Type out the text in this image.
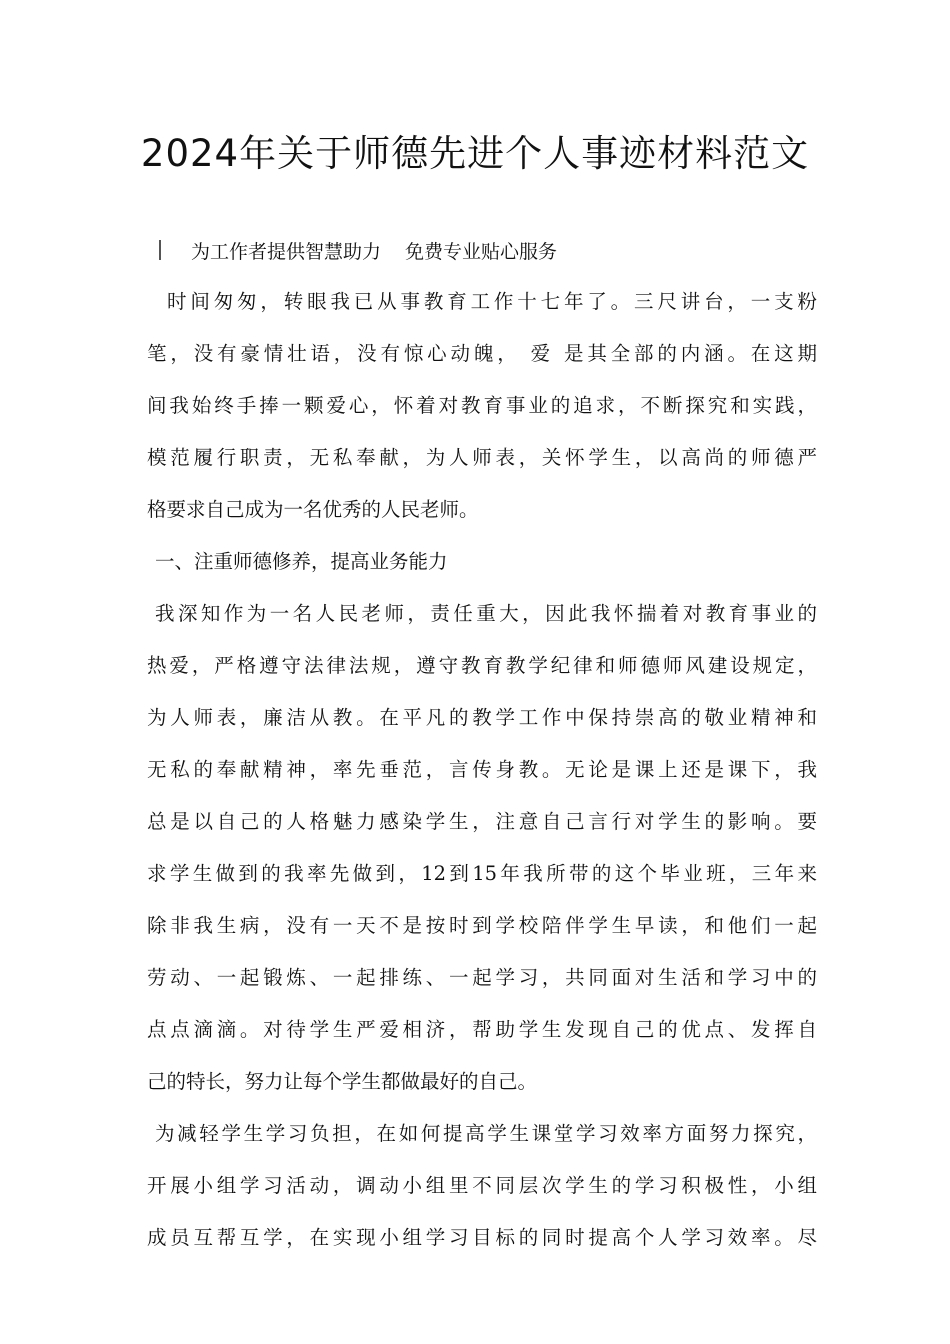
2024年关于师德先进个人事迹材料范文
为工作者提供智慧助力 免费专业贴心服务
时间匆匆，转眼我已从事教育工作十七年了。三尺讲台，一支粉
笔，没有豪情壮语，没有惊心动魄， 爱 是其全部的内涵。在这期
间我始终手捧一颗爱心，怀着对教育事业的追求，不断探究和实践，
模范履行职责，无私奉献，为人师表，关怀学生，以高尚的师德严
格要求自己成为一名优秀的人民老师。
一、注重师德修养，提高业务能力
我深知作为一名人民老师，责任重大，因此我怀揣着对教育事业的
热爱，严格遵守法律法规，遵守教育教学纪律和师德师风建设规定，
为人师表，廉洁从教。在平凡的教学工作中保持崇高的敬业精神和
无私的奉献精神，率先垂范，言传身教。无论是课上还是课下，我
总是以自己的人格魅力感染学生，注意自己言行对学生的影响。要
求学生做到的我率先做到，12到15年我所带的这个毕业班，三年来
除非我生病，没有一天不是按时到学校陪伴学生早读，和他们一起
劳动、一起锻炼、一起排练、一起学习，共同面对生活和学习中的
点点滴滴。对待学生严爱相济，帮助学生发现自己的优点、发挥自
己的特长，努力让每个学生都做最好的自己。
为减轻学生学习负担，在如何提高学生课堂学习效率方面努力探究，
开展小组学习活动，调动小组里不同层次学生的学习积极性，小组
成员互帮互学，在实现小组学习目标的同时提高个人学习效率。尽
